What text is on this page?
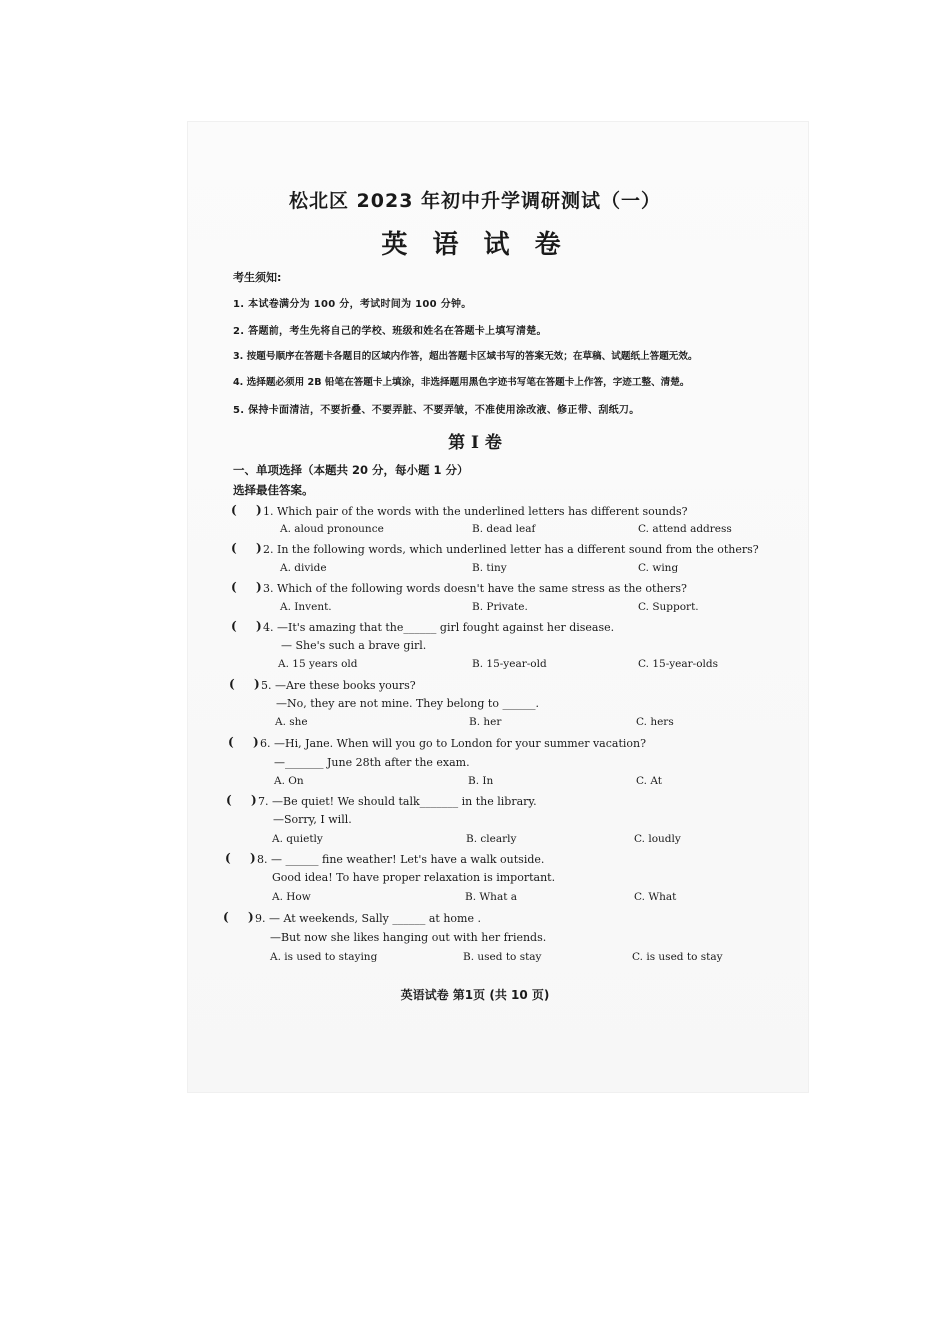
松北区 2023 年初中升学调研测试（一）
英 语 试 卷
考生须知:
1. 本试卷满分为 100 分，考试时间为 100 分钟。
2. 答题前，考生先将自己的学校、班级和姓名在答题卡上填写清楚。
3. 按题号顺序在答题卡各题目的区域内作答，超出答题卡区域书写的答案无效；在草稿、试题纸上答题无效。
4. 选择题必须用 2B 铅笔在答题卡上填涂，非选择题用黑色字迹书写笔在答题卡上作答，字迹工整、清楚。
5. 保持卡面清洁，不要折叠、不要弄脏、不要弄皱，不准使用涂改液、修正带、刮纸刀。
第 I 卷
一、单项选择（本题共 20 分，每小题 1 分）
选择最佳答案。
( ) 1. Which pair of the words with the underlined letters has different sounds?
A. aloud pronounce	B. dead leaf	C. attend address
( ) 2. In the following words, which underlined letter has a different sound from the others?
A. divide	B. tiny	C. wing
( ) 3. Which of the following words doesn't have the same stress as the others?
A. Invent.	B. Private.	C. Support.
( ) 4. —It's amazing that the______ girl fought against her disease.
— She's such a brave girl.
A. 15 years old	B. 15-year-old	C. 15-year-olds
( ) 5. —Are these books yours?
—No, they are not mine. They belong to ______.
A. she	B. her	C. hers
( ) 6. —Hi, Jane. When will you go to London for your summer vacation?
—_______ June 28th after the exam.
A. On	B. In	C. At
( ) 7. —Be quiet! We should talk_______ in the library.
—Sorry, I will.
A. quietly	B. clearly	C. loudly
( ) 8. — ______ fine weather! Let's have a walk outside.
Good idea! To have proper relaxation is important.
A. How	B. What a	C. What
( ) 9. — At weekends, Sally ______ at home .
—But now she likes hanging out with her friends.
A. is used to staying	B. used to stay	C. is used to stay
英语试卷 第1页 (共 10 页)
